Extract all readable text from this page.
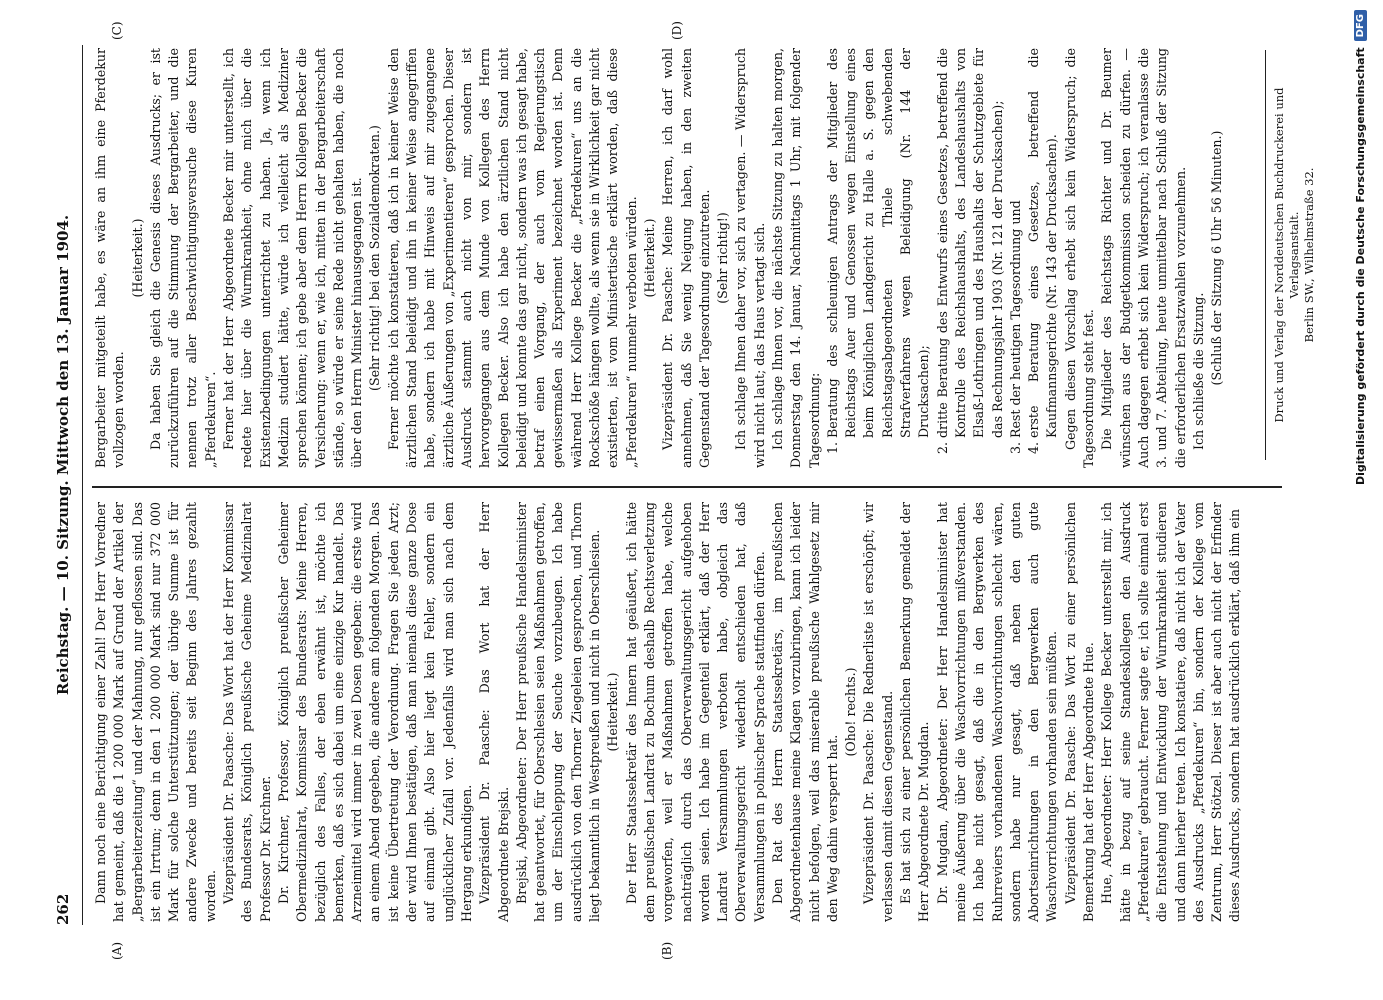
262
Reichstag. — 10. Sitzung. Mittwoch den 13. Januar 1904.
(A)	(B)
(C)	(D)

Dann noch eine Berichtigung einer Zahl! Der Herr Vorredner hat gemeint, daß die 1 200 000 Mark auf Grund der Artikel der „Bergarbeiterzeitung“ und der Mahnung, nur geflossen sind. Das ist ein Irrtum; denn in den 1 200 000 Mark sind nur 372 000 Mark für solche Unterstützungen; der übrige Summe ist für andere Zwecke und bereits seit Beginn des Jahres gezahlt worden. Vizepräsident Dr. Paasche: Das Wort hat der Herr Kommissar des Bundesrats, Königlich preußische Geheime Medizinalrat Professor Dr. Kirchner. Dr. Kirchner, Professor, Königlich preußischer Geheimer Obermedizinalrat, Kommissar des Bundesrats: Meine Herren, bezüglich des Falles, der eben erwähnt ist, möchte ich bemerken, daß es sich dabei um eine einzige Kur handelt. Das Arzneimittel wird immer in zwei Dosen gegeben: die erste wird an einem Abend gegeben, die andere am folgenden Morgen. Das ist keine Übertretung der Verordnung. Fragen Sie jeden Arzt; der wird Ihnen bestätigen, daß man niemals diese ganze Dose auf einmal gibt. Also hier liegt kein Fehler, sondern ein unglücklicher Zufall vor. Jedenfalls wird man sich nach dem Hergang erkundigen. Vizepräsident Dr. Paasche: Das Wort hat der Herr Abgeordnete Brejski. Brejski, Abgeordneter: Der Herr preußische Handelsminister hat geantwortet, für Oberschlesien seien Maßnahmen getroffen, um der Einschleppung der Seuche vorzubeugen. Ich habe ausdrücklich von den Thorner Ziegeleien gesprochen, und Thorn liegt bekanntlich in Westpreußen und nicht in Oberschlesien. (Heiterkeit.) Der Herr Staatssekretär des Innern hat geäußert, ich hätte dem preußischen Landrat zu Bochum deshalb Rechtsverletzung vorgeworfen, weil er Maßnahmen getroffen habe, welche nachträglich durch das Oberverwaltungsgericht aufgehoben worden seien. Ich habe im Gegenteil erklärt, daß der Herr Landrat Versammlungen verboten habe, obgleich das Oberverwaltungsgericht wiederholt entschieden hat, daß Versammlungen in polnischer Sprache stattfinden dürfen. Den Rat des Herrn Staatssekretärs, im preußischen Abgeordnetenhause meine Klagen vorzubringen, kann ich leider nicht befolgen, weil das miserable preußische Wahlgesetz mir den Weg dahin versperrt hat.

(Oho! rechts.) Vizepräsident Dr. Paasche: Die Rednerliste ist erschöpft; wir verlassen damit diesen Gegenstand. Es hat sich zu einer persönlichen Bemerkung gemeldet der Herr Abgeordnete Dr. Mugdan. Dr. Mugdan, Abgeordneter: Der Herr Handelsminister hat meine Äußerung über die Waschvorrichtungen mißverstanden. Ich habe nicht gesagt, daß die in den Bergwerken des Ruhrreviers vorhandenen Waschvorrichtungen schlecht wären, sondern habe nur gesagt, daß neben den guten Abortseinrichtungen in den Bergwerken auch gute Waschvorrichtungen vorhanden sein müßten. Vizepräsident Dr. Paasche: Das Wort zu einer persönlichen Bemerkung hat der Herr Abgeordnete Hue. Hue, Abgeordneter: Herr Kollege Becker unterstellt mir, ich hätte in bezug auf seine Standeskollegen den Ausdruck „Pferdekuren“ gebraucht. Ferner sagte er, ich sollte einmal erst die Entstehung und Entwicklung der Wurmkrankheit studieren und dann hierher treten. Ich konstatiere, daß nicht ich der Vater des Ausdrucks „Pferdekuren“ bin, sondern der Kollege vom Zentrum, Herr Stötzel. Dieser ist aber auch nicht der Erfinder dieses Ausdrucks, sondern hat ausdrücklich erklärt, daß ihm ein

Bergarbeiter mitgeteilt habe, es wäre an ihm eine Pferdekur vollzogen worden.

(Heiterkeit.) Da haben Sie gleich die Genesis dieses Ausdrucks; er ist zurückzuführen auf die Stimmung der Bergarbeiter, und die nennen trotz aller Beschwichtigungsversuche diese Kuren „Pferdekuren“. Ferner hat der Herr Abgeordnete Becker mir unterstellt, ich redete hier über die Wurmkrankheit, ohne mich über die Existenzbedingungen unterrichtet zu haben. Ja, wenn ich Medizin studiert hätte, würde ich vielleicht als Mediziner sprechen können; ich gebe aber dem Herrn Kollegen Becker die Versicherung: wenn er, wie ich, mitten in der Bergarbeiterschaft stände, so würde er seine Rede nicht gehalten haben, die noch über den Herrn Minister hinausgegangen ist. (Sehr richtig! bei den Sozialdemokraten.) Ferner möchte ich konstatieren, daß ich in keiner Weise den ärztlichen Stand beleidigt und ihn in keiner Weise angegriffen habe, sondern ich habe mit Hinweis auf mir zugegangene ärztliche Äußerungen von „Experimentieren“ gesprochen. Dieser Ausdruck stammt auch nicht von mir, sondern ist hervorgegangen aus dem Munde von Kollegen des Herrn Kollegen Becker. Also ich habe den ärztlichen Stand nicht beleidigt und konnte das gar nicht, sondern was ich gesagt habe, betraf einen Vorgang, der auch vom Regierungstisch gewissermaßen als Experiment bezeichnet worden ist. Denn während Herr Kollege Becker die „Pferdekuren“ uns an die Rockschöße hängen wollte, als wenn sie in Wirklichkeit gar nicht existierten, ist vom Ministertische erklärt worden, daß diese „Pferdekuren“ nunmehr verboten würden. (Heiterkeit.) Vizepräsident Dr. Paasche: Meine Herren, ich darf wohl annehmen, daß Sie wenig Neigung haben, in den zweiten Gegenstand der Tagesordnung einzutreten. (Sehr richtig!) Ich schlage Ihnen daher vor, sich zu vertagen. — Widerspruch wird nicht laut; das Haus vertagt sich. Ich schlage Ihnen vor, die nächste Sitzung zu halten morgen, Donnerstag den 14. Januar, Nachmittags 1 Uhr, mit folgender Tagesordnung: 1. Beratung des schleunigen Antrags der Mitglieder des Reichstags Auer und Genossen wegen Einstellung eines beim Königlichen Landgericht zu Halle a. S. gegen den Reichstagsabgeordneten Thiele schwebenden Strafverfahrens wegen Beleidigung (Nr. 144 der Drucksachen); 2. dritte Beratung des Entwurfs eines Gesetzes, betreffend die Kontrolle des Reichshaushalts, des Landeshaushalts von Elsaß-Lothringen und des Haushalts der Schutzgebiete für das Rechnungsjahr 1903 (Nr. 121 der Drucksachen); 3. Rest der heutigen Tagesordnung und 4. erste Beratung eines Gesetzes, betreffend die Kaufmannsgerichte (Nr. 143 der Drucksachen). Gegen diesen Vorschlag erhebt sich kein Widerspruch; die Tagesordnung steht fest. Die Mitglieder des Reichstags Richter und Dr. Beumer wünschen aus der Budgetkommission scheiden zu dürfen. — Auch dagegen erhebt sich kein Widerspruch; ich veranlasse die 3. und 7. Abteilung, heute unmittelbar nach Schluß der Sitzung die erforderlichen Ersatzwahlen vorzunehmen. Ich schließe die Sitzung. (Schluß der Sitzung 6 Uhr 56 Minuten.)	Druck und Verlag der Norddeutschen Buchdruckerei und Verlagsanstalt. Berlin SW., Wilhelmstraße 32.	Digitalisierung gefördert durch die Deutsche Forschungsgemeinschaft
DFG
